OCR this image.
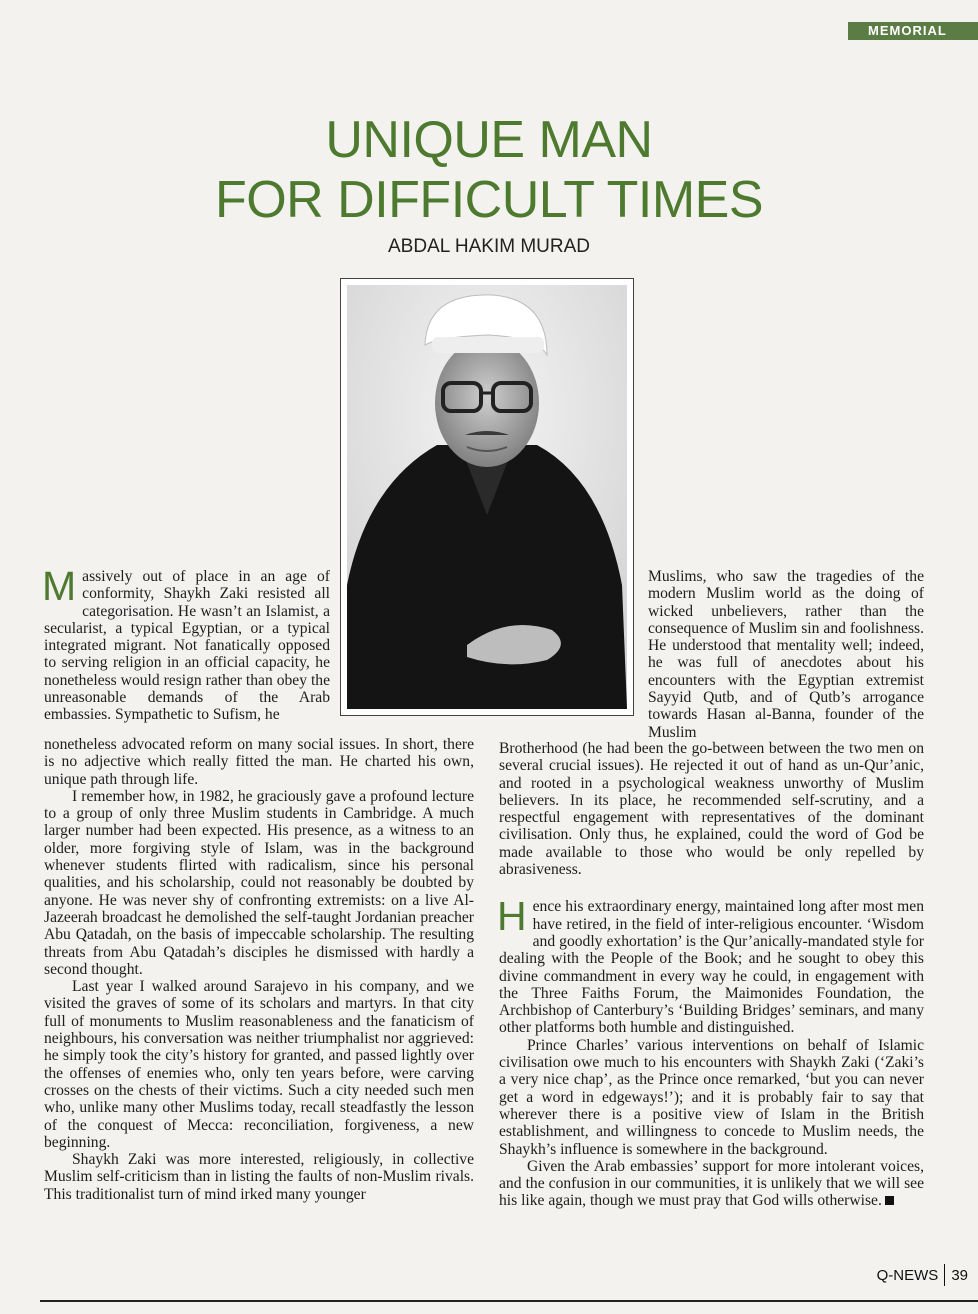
MEMORIAL
UNIQUE MAN
FOR DIFFICULT TIMES
ABDAL HAKIM MURAD

Massively out of place in an age of conformity, Shaykh Zaki resisted all categorisation. He wasn’t an Islamist, a secularist, a typical Egyptian, or a typical integrated migrant. Not fanatically opposed to serving religion in an official capacity, he nonetheless would resign rather than obey the unreasonable demands of the Arab embassies. Sympathetic to Sufism, he

Muslims, who saw the tragedies of the modern Muslim world as the doing of wicked unbelievers, rather than the consequence of Muslim sin and foolishness. He understood that mentality well; indeed, he was full of anecdotes about his encounters with the Egyptian extremist Sayyid Qutb, and of Qutb’s arrogance towards Hasan al-Banna, founder of the Muslim

nonetheless advocated reform on many social issues. In short, there is no adjective which really fitted the man. He charted his own, unique path through life.

I remember how, in 1982, he graciously gave a profound lecture to a group of only three Muslim students in Cambridge. A much larger number had been expected. His presence, as a witness to an older, more forgiving style of Islam, was in the background whenever students flirted with radicalism, since his personal qualities, and his scholarship, could not reasonably be doubted by anyone. He was never shy of confronting extremists: on a live Al-Jazeerah broadcast he demolished the self-taught Jordanian preacher Abu Qatadah, on the basis of impeccable scholarship. The resulting threats from Abu Qatadah’s disciples he dismissed with hardly a second thought.

Last year I walked around Sarajevo in his company, and we visited the graves of some of its scholars and martyrs. In that city full of monuments to Muslim reasonableness and the fanaticism of neighbours, his conversation was neither triumphalist nor aggrieved: he simply took the city’s history for granted, and passed lightly over the offenses of enemies who, only ten years before, were carving crosses on the chests of their victims. Such a city needed such men who, unlike many other Muslims today, recall steadfastly the lesson of the conquest of Mecca: reconciliation, forgiveness, a new beginning.

Shaykh Zaki was more interested, religiously, in collective Muslim self-criticism than in listing the faults of non-Muslim rivals. This traditionalist turn of mind irked many younger

Brotherhood (he had been the go-between between the two men on several crucial issues). He rejected it out of hand as un-Qur’anic, and rooted in a psychological weakness unworthy of Muslim believers. In its place, he recommended self-scrutiny, and a respectful engagement with representatives of the dominant civilisation. Only thus, he explained, could the word of God be made available to those who would be only repelled by abrasiveness.

Hence his extraordinary energy, maintained long after most men have retired, in the field of inter-religious encounter. ‘Wisdom and goodly exhortation’ is the Qur’anically-mandated style for dealing with the People of the Book; and he sought to obey this divine commandment in every way he could, in engagement with the Three Faiths Forum, the Maimonides Foundation, the Archbishop of Canterbury’s ‘Building Bridges’ seminars, and many other platforms both humble and distinguished.

Prince Charles’ various interventions on behalf of Islamic civilisation owe much to his encounters with Shaykh Zaki (‘Zaki’s a very nice chap’, as the Prince once remarked, ‘but you can never get a word in edgeways!’); and it is probably fair to say that wherever there is a positive view of Islam in the British establishment, and willingness to concede to Muslim needs, the Shaykh’s influence is somewhere in the background.

Given the Arab embassies’ support for more intolerant voices, and the confusion in our communities, it is unlikely that we will see his like again, though we must pray that God wills otherwise.

Q-NEWS 39
